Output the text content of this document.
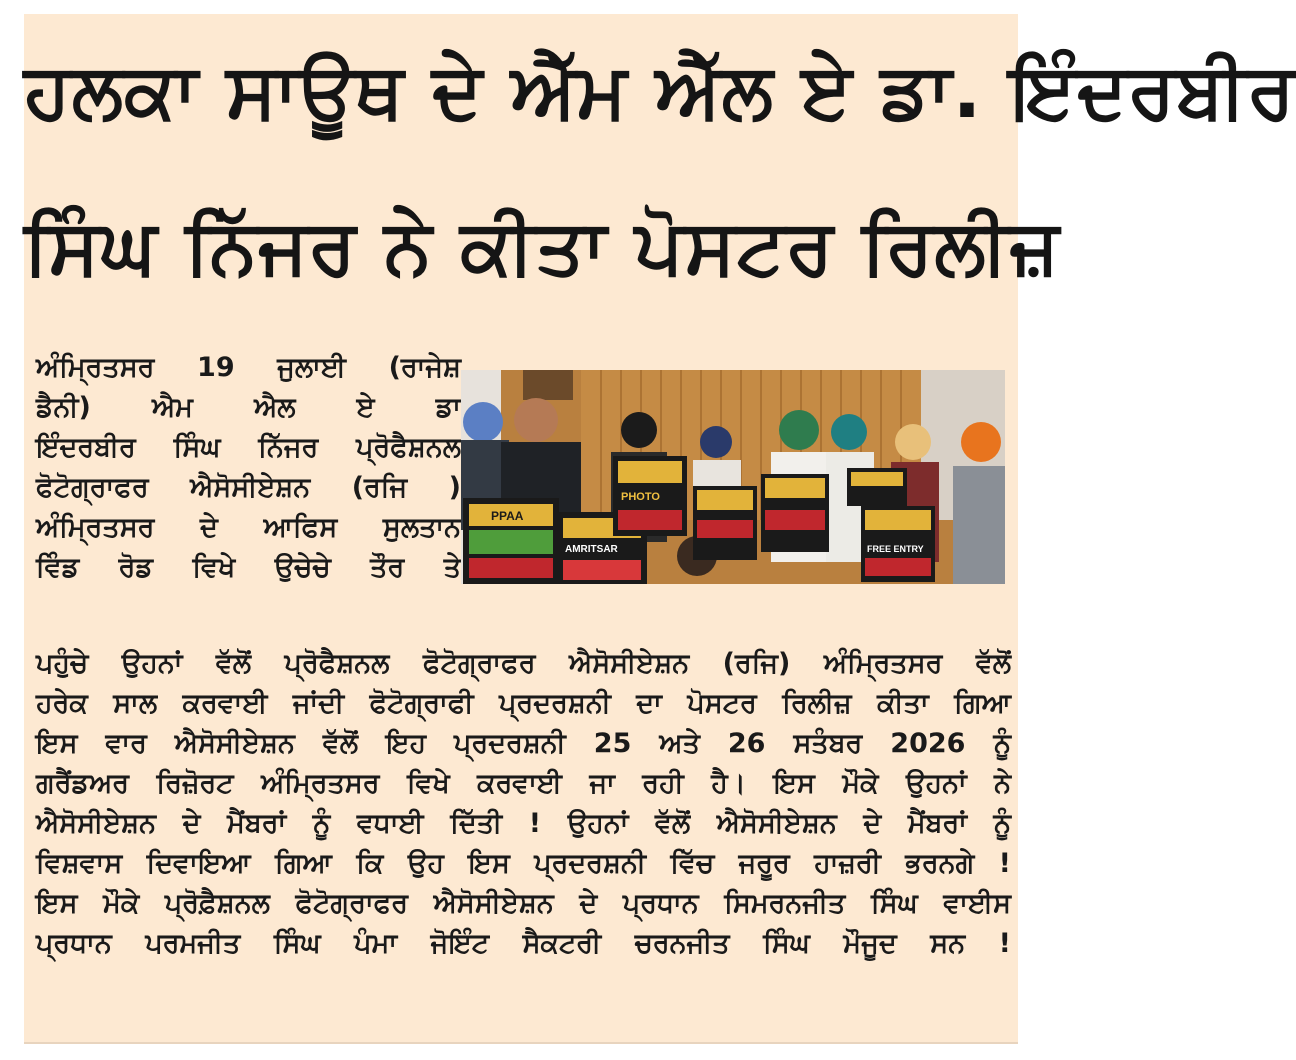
ਹਲਕਾ ਸਾਊਥ ਦੇ ਐੱਮ ਐੱਲ ਏ ਡਾ. ਇੰਦਰਬੀਰ
ਸਿੰਘ ਨਿੱਜਰ ਨੇ ਕੀਤਾ ਪੋਸਟਰ ਰਿਲੀਜ਼
ਅੰਮ੍ਰਿਤਸਰ 19 ਜੁਲਾਈ (ਰਾਜੇਸ਼
ਡੈਨੀ) ਐਮ ਐਲ ਏ ਡਾ
ਇੰਦਰਬੀਰ ਸਿੰਘ ਨਿੱਜਰ ਪ੍ਰੋਫੈਸ਼ਨਲ
ਫੋਟੋਗ੍ਰਾਫਰ ਐਸੋਸੀਏਸ਼ਨ (ਰਜਿ )
ਅੰਮ੍ਰਿਤਸਰ ਦੇ ਆਫਿਸ ਸੁਲਤਾਨ
ਵਿੰਡ ਰੋਡ ਵਿਖੇ ਉਚੇਚੇ ਤੌਰ ਤੇ
PPAA
AMRITSAR
PHOTO
FREE ENTRY
ਪਹੁੰਚੇ ਉਹਨਾਂ ਵੱਲੋਂ ਪ੍ਰੋਫੈਸ਼ਨਲ ਫੋਟੋਗ੍ਰਾਫਰ ਐਸੋਸੀਏਸ਼ਨ (ਰਜਿ) ਅੰਮ੍ਰਿਤਸਰ ਵੱਲੋਂ
ਹਰੇਕ ਸਾਲ ਕਰਵਾਈ ਜਾਂਦੀ ਫੋਟੋਗ੍ਰਾਫੀ ਪ੍ਰਦਰਸ਼ਨੀ ਦਾ ਪੋਸਟਰ ਰਿਲੀਜ਼ ਕੀਤਾ ਗਿਆ
ਇਸ ਵਾਰ ਐਸੋਸੀਏਸ਼ਨ ਵੱਲੋਂ ਇਹ ਪ੍ਰਦਰਸ਼ਨੀ 25 ਅਤੇ 26 ਸਤੰਬਰ 2026 ਨੂੰ
ਗਰੈਂਡਅਰ ਰਿਜ਼ੋਰਟ ਅੰਮ੍ਰਿਤਸਰ ਵਿਖੇ ਕਰਵਾਈ ਜਾ ਰਹੀ ਹੈ। ਇਸ ਮੌਕੇ ਉਹਨਾਂ ਨੇ
ਐਸੋਸੀਏਸ਼ਨ ਦੇ ਮੈਂਬਰਾਂ ਨੂੰ ਵਧਾਈ ਦਿੱਤੀ ! ਉਹਨਾਂ ਵੱਲੋਂ ਐਸੋਸੀਏਸ਼ਨ ਦੇ ਮੈਂਬਰਾਂ ਨੂੰ
ਵਿਸ਼ਵਾਸ ਦਿਵਾਇਆ ਗਿਆ ਕਿ ਉਹ ਇਸ ਪ੍ਰਦਰਸ਼ਨੀ ਵਿੱਚ ਜਰੂਰ ਹਾਜ਼ਰੀ ਭਰਨਗੇ !
ਇਸ ਮੌਕੇ ਪ੍ਰੋਫ਼ੈਸ਼ਨਲ ਫੋਟੋਗ੍ਰਾਫਰ ਐਸੋਸੀਏਸ਼ਨ ਦੇ ਪ੍ਰਧਾਨ ਸਿਮਰਨਜੀਤ ਸਿੰਘ ਵਾਈਸ
ਪ੍ਰਧਾਨ ਪਰਮਜੀਤ ਸਿੰਘ ਪੰਮਾ ਜੋਇੰਟ ਸੈਕਟਰੀ ਚਰਨਜੀਤ ਸਿੰਘ ਮੌਜੂਦ ਸਨ !
